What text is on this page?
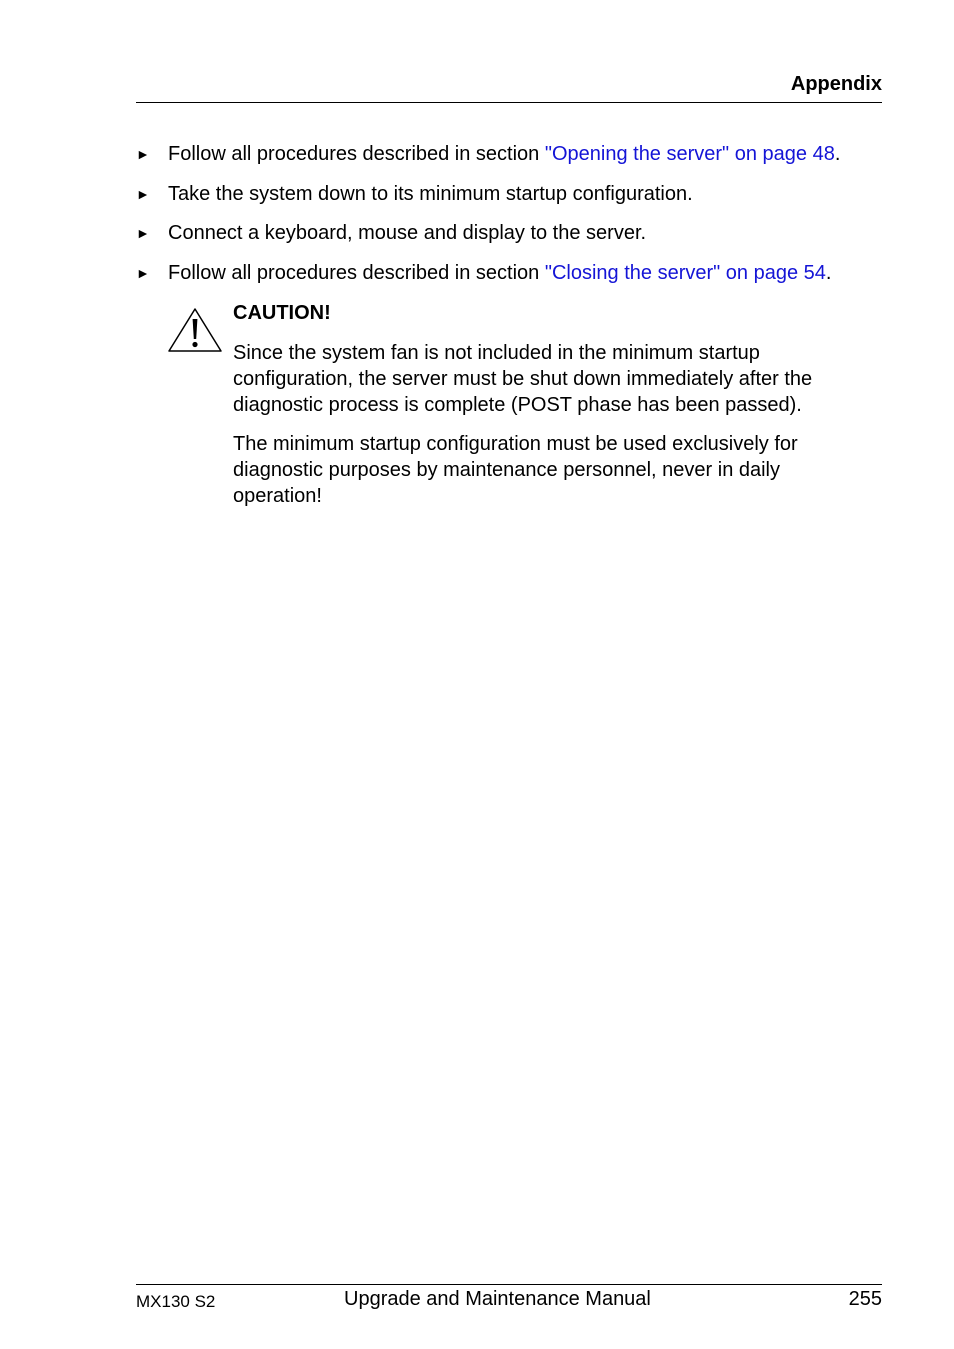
Appendix
► Follow all procedures described in section "Opening the server" on page 48.
► Take the system down to its minimum startup configuration.
► Connect a keyboard, mouse and display to the server.
► Follow all procedures described in section "Closing the server" on page 54.
CAUTION!
Since the system fan is not included in the minimum startup configuration, the server must be shut down immediately after the diagnostic process is complete (POST phase has been passed).
The minimum startup configuration must be used exclusively for diagnostic purposes by maintenance personnel, never in daily operation!
MX130 S2	Upgrade and Maintenance Manual	255
